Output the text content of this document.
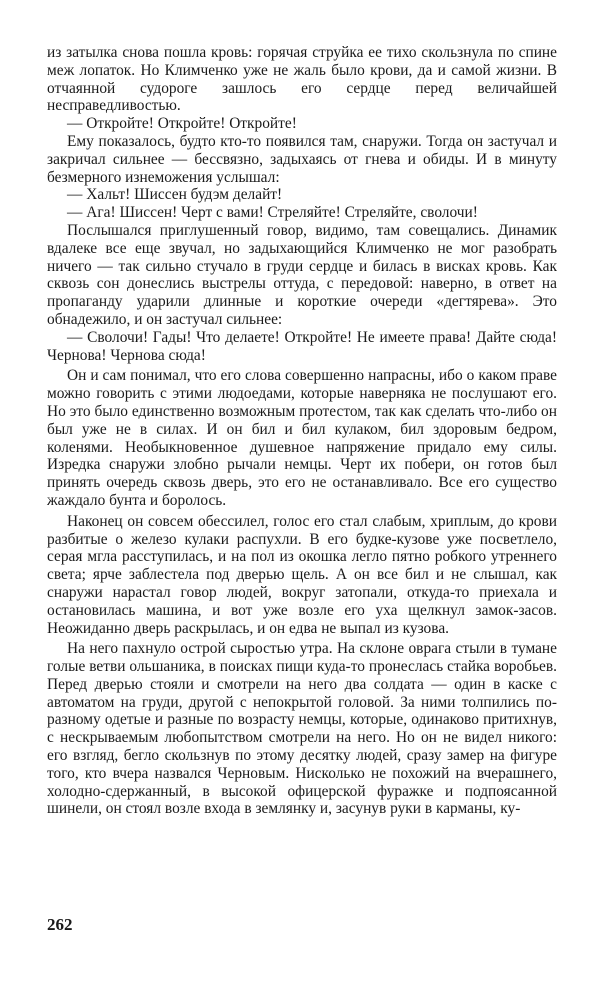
из затылка снова пошла кровь: горячая струйка ее тихо скользнула по спине меж лопаток. Но Климченко уже не жаль было крови, да и самой жизни. В отчаянной судороге зашлось его сердце перед величайшей несправедливостью.

— Откройте! Откройте! Откройте!

Ему показалось, будто кто-то появился там, снаружи. Тогда он застучал и закричал сильнее — бессвязно, задыхаясь от гнева и обиды. И в минуту безмерного изнеможения услышал:

— Хальт! Шиссен будэм делайт!

— Ага! Шиссен! Черт с вами! Стреляйте! Стреляйте, сволочи!

Послышался приглушенный говор, видимо, там совещались. Динамик вдалеке все еще звучал, но задыхающийся Климченко не мог разобрать ничего — так сильно стучало в груди сердце и билась в висках кровь. Как сквозь сон донеслись выстрелы оттуда, с передовой: наверно, в ответ на пропаганду ударили длинные и короткие очереди «дегтярева». Это обнадежило, и он застучал сильнее:

— Сволочи! Гады! Что делаете! Откройте! Не имеете права! Дайте сюда! Чернова! Чернова сюда!

Он и сам понимал, что его слова совершенно напрасны, ибо о каком праве можно говорить с этими людоедами, которые наверняка не послушают его. Но это было единственно возможным протестом, так как сделать что-либо он был уже не в силах. И он бил и бил кулаком, бил здоровым бедром, коленями. Необыкновенное душевное напряжение придало ему силы. Изредка снаружи злобно рычали немцы. Черт их побери, он готов был принять очередь сквозь дверь, это его не останавливало. Все его существо жаждало бунта и боролось.

Наконец он совсем обессилел, голос его стал слабым, хриплым, до крови разбитые о железо кулаки распухли. В его будке-кузове уже посветлело, серая мгла расступилась, и на пол из окошка легло пятно робкого утреннего света; ярче заблестела под дверью щель. А он все бил и не слышал, как снаружи нарастал говор людей, вокруг затопали, откуда-то приехала и остановилась машина, и вот уже возле его уха щелкнул замок-засов. Неожиданно дверь раскрылась, и он едва не выпал из кузова.

На него пахнуло острой сыростью утра. На склоне оврага стыли в тумане голые ветви ольшаника, в поисках пищи куда-то пронеслась стайка воробьев. Перед дверью стояли и смотрели на него два солдата — один в каске с автоматом на груди, другой с непокрытой головой. За ними толпились по-разному одетые и разные по возрасту немцы, которые, одинаково притихнув, с нескрываемым любопытством смотрели на него. Но он не видел никого: его взгляд, бегло скользнув по этому десятку людей, сразу замер на фигуре того, кто вчера назвался Черновым. Нисколько не похожий на вчерашнего, холодно-сдержанный, в высокой офицерской фуражке и подпоясанной шинели, он стоял возле входа в землянку и, засунув руки в карманы, ку-

262
